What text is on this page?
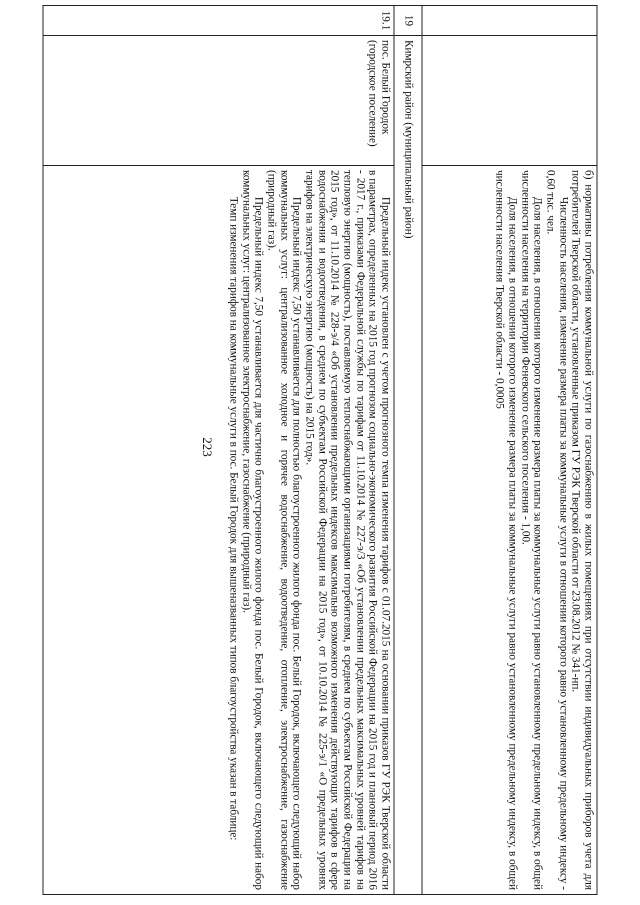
223

		б) нормативы потребления коммунальной услуги по газоснабжению в жилых помещениях при отсутствии индивидуальных приборов учета для потребителей Тверской области, установленные приказом ГУ РЭК Тверской области от 23.08.2012 № 341-нп.

Численность населения, изменение размера платы за коммунальные услуги в отношении которого равно установленному предельному индексу - 0,60 тыс. чел.

Доля населения, в отношении которого изменение размера платы за коммунальные услуги равно установленному предельному индексу, в общей численности населения на территории Феневского сельского поселения - 1,00.

Доля населения, в отношении которого изменение размера платы за коммунальные услуги равно установленному предельному индексу, в общей численности населения Тверской области - 0,0005

19	Кимрский район (муниципальный район)	
19.1	пос. Белый Городок (городское поселение)	Предельный индекс установлен с учетом прогнозного темпа изменения тарифов с 01.07.2015 на основании приказов ГУ РЭК Тверской области в параметрах, определенных на 2015 год прогнозом социально-экономического развития Российской Федерации на 2015 год и плановый период 2016 - 2017 г., приказами Федеральной службы по тарифам от 11.10.2014 № 227-э/3 «Об установлении предельных максимальных уровней тарифов на тепловую энергию (мощность), поставляемую теплоснабжающими организациями потребителям, в среднем по субъектам Российской Федерации на 2015 год», от 11.10.2014 № 228-э/4 «Об установлении предельных индексов максимально возможного изменения действующих тарифов в сфере водоснабжения и водоотведения, в среднем по субъектам Российской Федерации на 2015 год», от 10.10.2014 № 225-э/1 «О предельных уровнях тарифов на электрическую энергию (мощность) на 2015 год».

Предельный индекс 7,50 устанавливается для полностью благоустроенного жилого фонда пос. Белый Городок, включающего следующий набор коммунальных услуг: централизованное холодное и горячее водоснабжение, водоотведение, отопление, электроснабжение, газоснабжение (природный газ).

Предельный индекс 7,50 устанавливается для частично благоустроенного жилого фонда пос. Белый Городок, включающего следующий набор коммунальных услуг: централизованное электроснабжение, газоснабжение (природный газ).

Темп изменения тарифов на коммунальные услуги в пос. Белый Городок для вышеназванных типов благоустройства указан в таблице:
